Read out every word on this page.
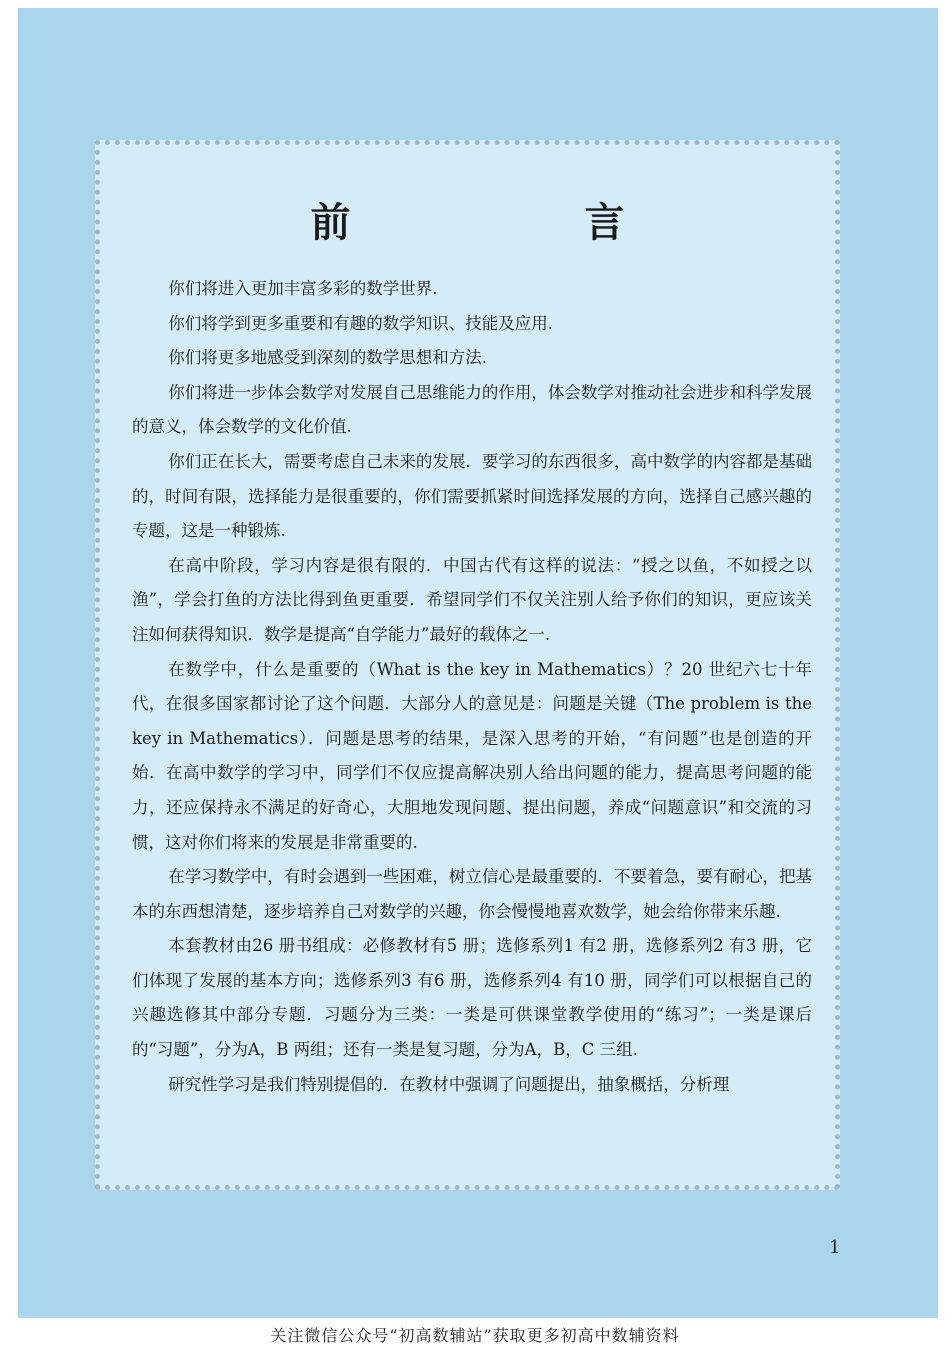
前 言

你们将进入更加丰富多彩的数学世界.

你们将学到更多重要和有趣的数学知识、技能及应用.

你们将更多地感受到深刻的数学思想和方法.

你们将进一步体会数学对发展自己思维能力的作用，体会数学对推动社会进步和科学发展的意义，体会数学的文化价值.

你们正在长大，需要考虑自己未来的发展．要学习的东西很多，高中数学的内容都是基础的，时间有限，选择能力是很重要的，你们需要抓紧时间选择发展的方向，选择自己感兴趣的专题，这是一种锻炼.

在高中阶段，学习内容是很有限的．中国古代有这样的说法：“授之以鱼，不如授之以渔”，学会打鱼的方法比得到鱼更重要．希望同学们不仅关注别人给予你们的知识，更应该关注如何获得知识．数学是提高“自学能力”最好的载体之一.

在数学中，什么是重要的（What is the key in Mathematics）？20 世纪六七十年代，在很多国家都讨论了这个问题．大部分人的意见是：问题是关键（The problem is the key in Mathematics）．问题是思考的结果，是深入思考的开始，“有问题”也是创造的开始．在高中数学的学习中，同学们不仅应提高解决别人给出问题的能力，提高思考问题的能力，还应保持永不满足的好奇心，大胆地发现问题、提出问题，养成“问题意识”和交流的习惯，这对你们将来的发展是非常重要的.

在学习数学中，有时会遇到一些困难，树立信心是最重要的．不要着急，要有耐心，把基本的东西想清楚，逐步培养自己对数学的兴趣，你会慢慢地喜欢数学，她会给你带来乐趣.

本套教材由26 册书组成：必修教材有5 册；选修系列1 有2 册，选修系列2 有3 册，它们体现了发展的基本方向；选修系列3 有6 册，选修系列4 有10 册，同学们可以根据自己的兴趣选修其中部分专题．习题分为三类：一类是可供课堂教学使用的“练习”；一类是课后的“习题”，分为A，B 两组；还有一类是复习题，分为A，B，C 三组.

研究性学习是我们特别提倡的．在教材中强调了问题提出，抽象概括，分析理

1
关注微信公众号“初高数辅站”获取更多初高中数辅资料
